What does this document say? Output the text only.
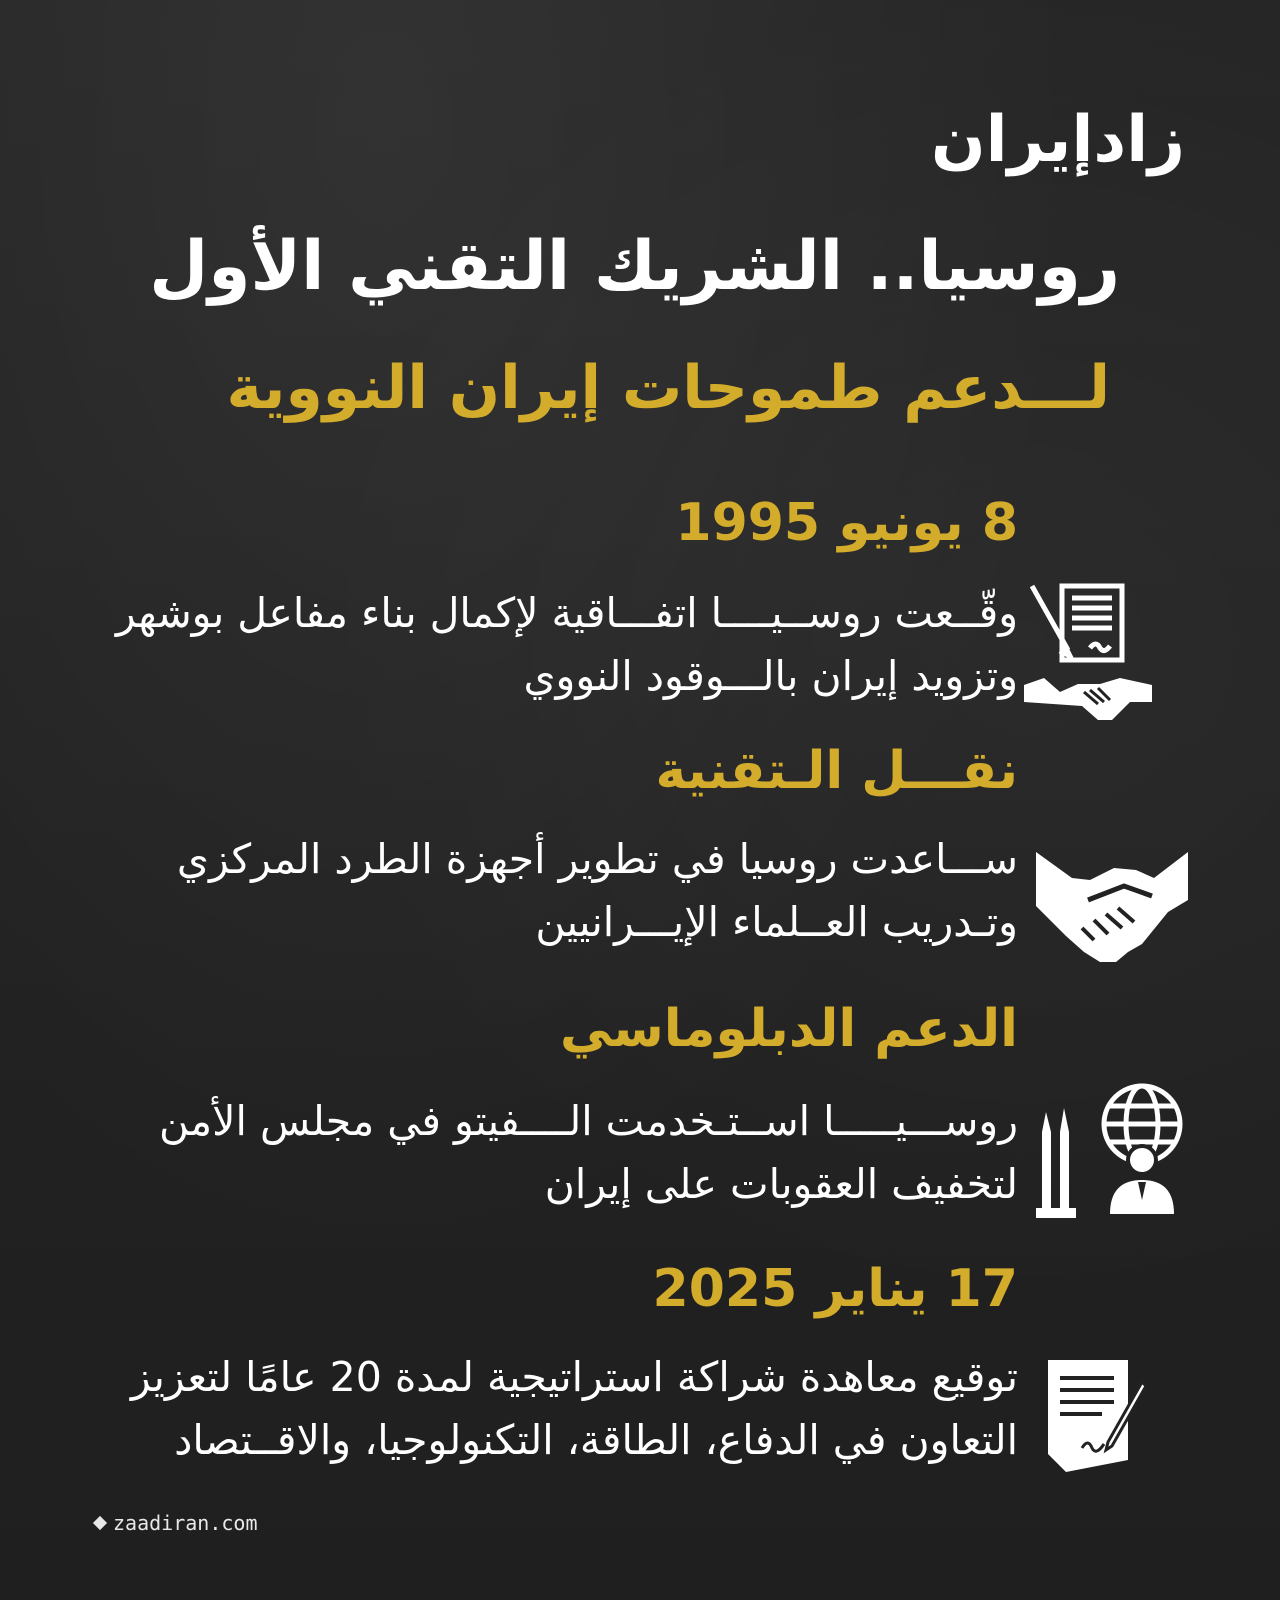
زادإيران
روسيا.. الشريك التقني الأول
لـــدعم طموحات إيران النووية
8 يونيو 1995
وقّــعت روســيــــا اتفـــاقية لإكمال بناء مفاعل بوشهر وتزويد إيران بالـــوقود النووي
نقـــل الـتقنية
ســـاعدت روسيا في تطوير أجهزة الطرد المركزي وتـدريب العــلماء الإيـــرانيين
الدعم الدبلوماسي
روســـيـــــا اســتـخدمت الــــفيتو في مجلس الأمن لتخفيف العقوبات على إيران
17 يناير 2025
توقيع معاهدة شراكة استراتيجية لمدة 20 عامًا لتعزيز التعاون في الدفاع، الطاقة، التكنولوجيا، والاقــتصاد
zaadiran.com
